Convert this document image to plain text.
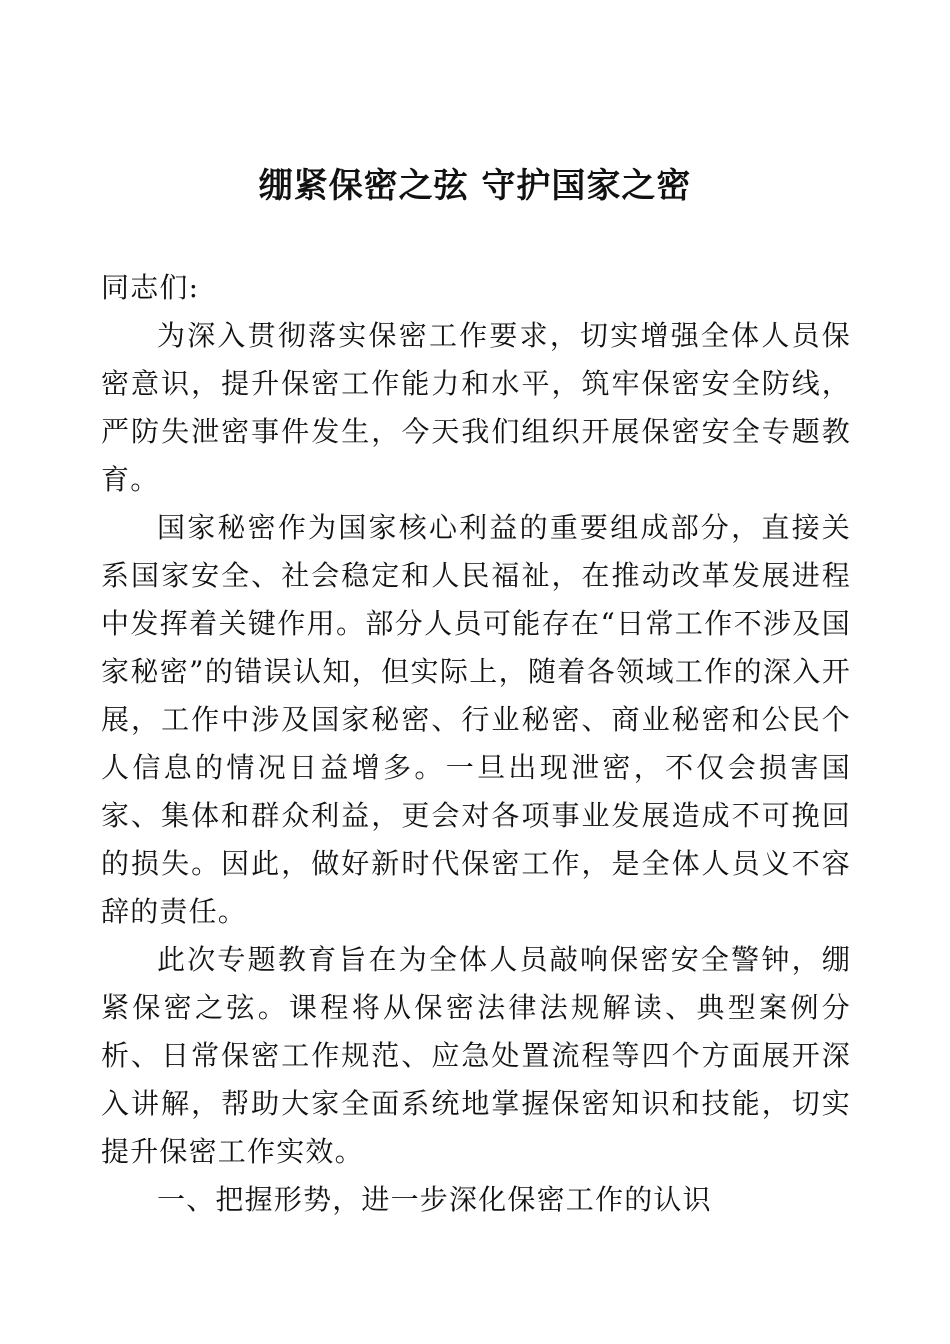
绷紧保密之弦 守护国家之密

同志们:

为深入贯彻落实保密工作要求，切实增强全体人员保密意识，提升保密工作能力和水平，筑牢保密安全防线，严防失泄密事件发生，今天我们组织开展保密安全专题教育。

国家秘密作为国家核心利益的重要组成部分，直接关系国家安全、社会稳定和人民福祉，在推动改革发展进程中发挥着关键作用。部分人员可能存在“日常工作不涉及国家秘密”的错误认知，但实际上，随着各领域工作的深入开展，工作中涉及国家秘密、行业秘密、商业秘密和公民个人信息的情况日益增多。一旦出现泄密，不仅会损害国家、集体和群众利益，更会对各项事业发展造成不可挽回的损失。因此，做好新时代保密工作，是全体人员义不容辞的责任。

此次专题教育旨在为全体人员敲响保密安全警钟，绷紧保密之弦。课程将从保密法律法规解读、典型案例分析、日常保密工作规范、应急处置流程等四个方面展开深入讲解，帮助大家全面系统地掌握保密知识和技能，切实提升保密工作实效。

一、把握形势，进一步深化保密工作的认识
